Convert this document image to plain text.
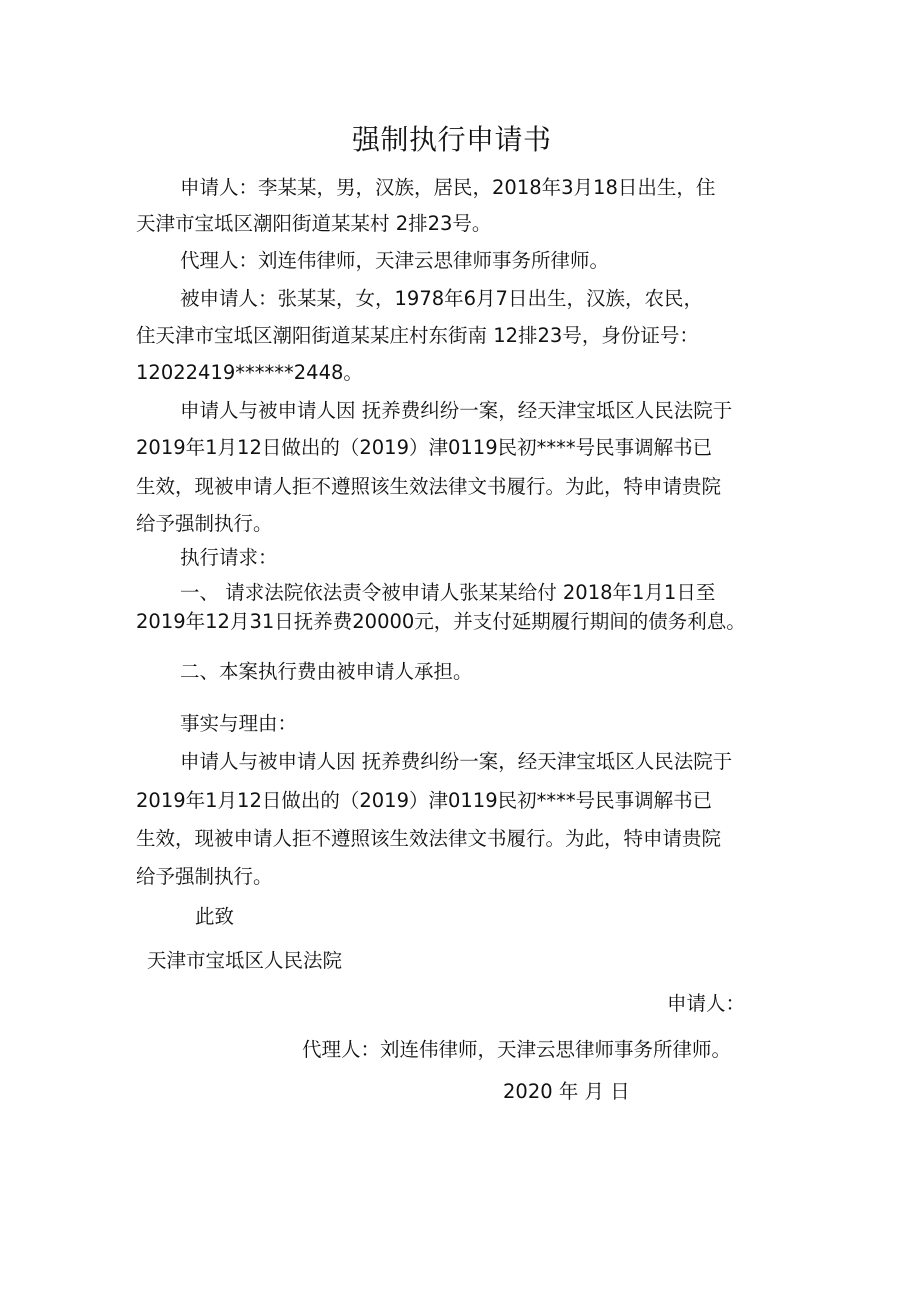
强制执行申请书
申请人：李某某，男，汉族，居民，2018年3月18日出生，住
天津市宝坻区潮阳街道某某村 2排23号。
代理人：刘连伟律师，天津云思律师事务所律师。
被申请人：张某某，女，1978年6月7日出生，汉族，农民，
住天津市宝坻区潮阳街道某某庄村东街南 12排23号，身份证号：
12022419******2448。
申请人与被申请人因 抚养费纠纷一案，经天津宝坻区人民法院于
2019年1月12日做出的（2019）津0119民初****号民事调解书已
生效，现被申请人拒不遵照该生效法律文书履行。为此，特申请贵院
给予强制执行。
执行请求：
一、 请求法院依法责令被申请人张某某给付 2018年1月1日至
2019年12月31日抚养费20000元，并支付延期履行期间的债务利息。
二、本案执行费由被申请人承担。
事实与理由：
申请人与被申请人因 抚养费纠纷一案，经天津宝坻区人民法院于
2019年1月12日做出的（2019）津0119民初****号民事调解书已
生效，现被申请人拒不遵照该生效法律文书履行。为此，特申请贵院
给予强制执行。
此致
天津市宝坻区人民法院
申请人：
代理人：刘连伟律师，天津云思律师事务所律师。
2020 年 月 日
